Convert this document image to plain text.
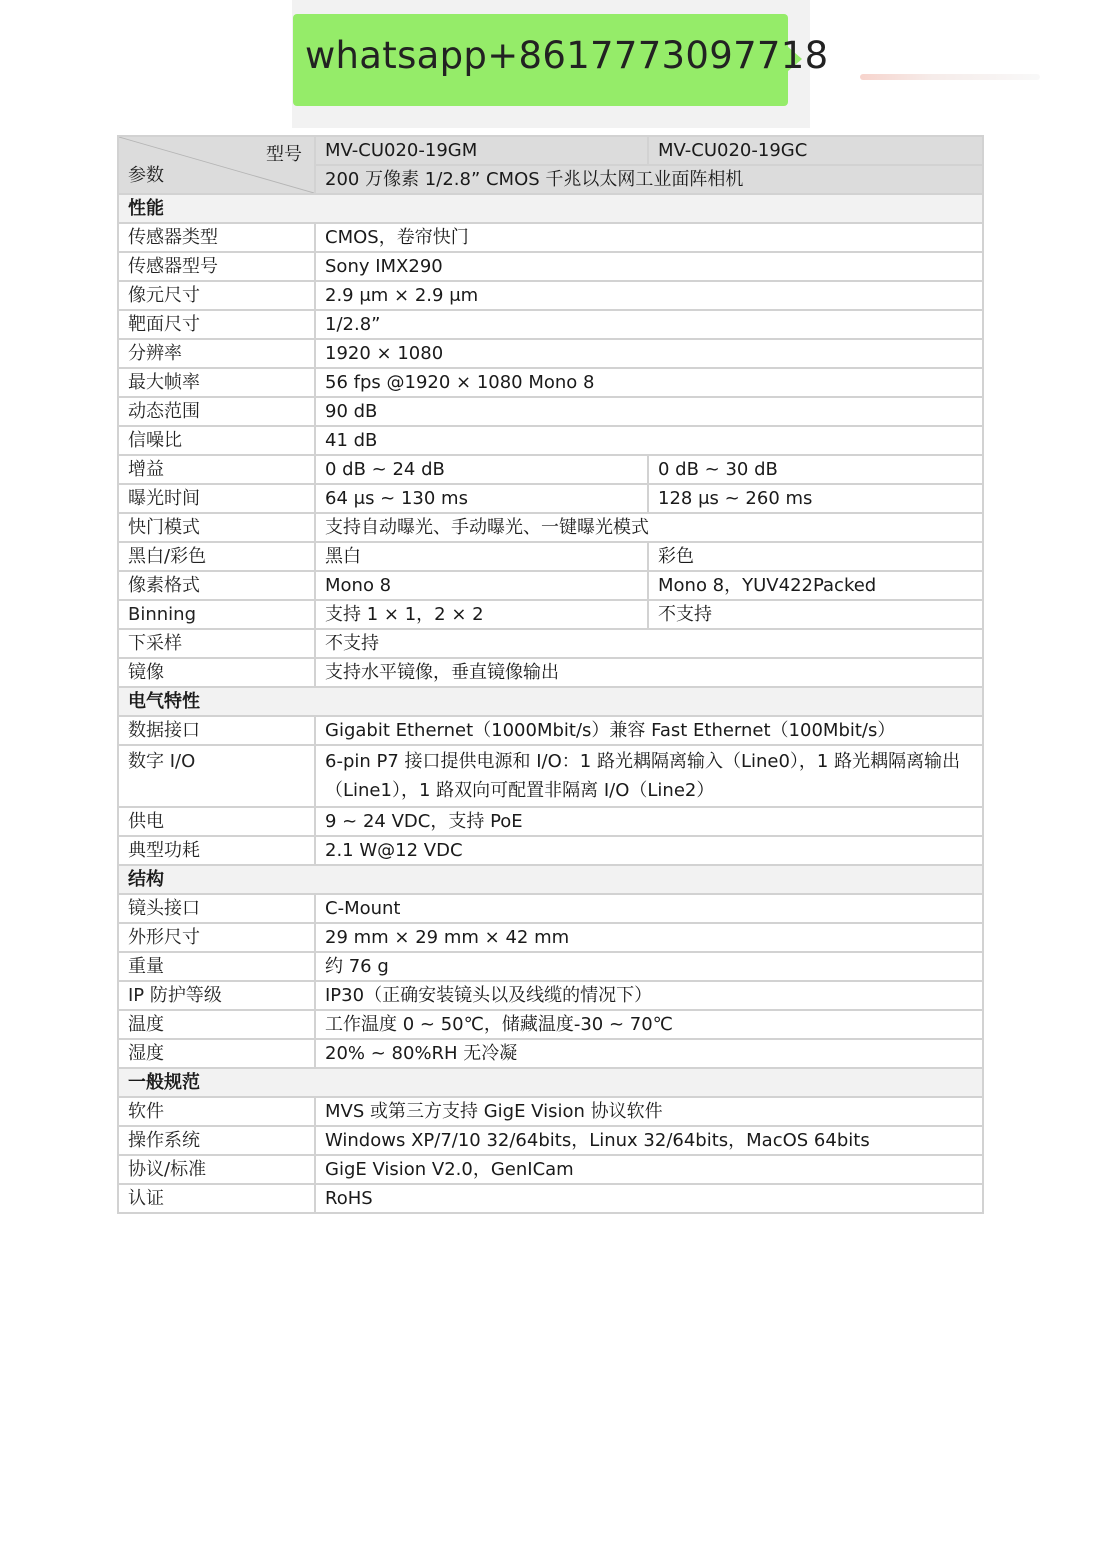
whatsapp+8617773097718
型号
参数	MV-CU020-19GM	MV-CU020-19GC
	200 万像素 1/2.8” CMOS 千兆以太网工业面阵相机	
性能		
传感器类型	CMOS，卷帘快门	
传感器型号	Sony IMX290	
像元尺寸	2.9 μm × 2.9 μm	
靶面尺寸	1/2.8”	
分辨率	1920 × 1080	
最大帧率	56 fps @1920 × 1080 Mono 8	
动态范围	90 dB	
信噪比	41 dB	
增益	0 dB ~ 24 dB	0 dB ~ 30 dB
曝光时间	64 μs ~ 130 ms	128 μs ~ 260 ms
快门模式	支持自动曝光、手动曝光、一键曝光模式	
黑白/彩色	黑白	彩色
像素格式	Mono 8	Mono 8，YUV422Packed
Binning	支持 1 × 1，2 × 2	不支持
下采样	不支持	
镜像	支持水平镜像，垂直镜像输出	
电气特性		
数据接口	Gigabit Ethernet（1000Mbit/s）兼容 Fast Ethernet（100Mbit/s）	
数字 I/O	6-pin P7 接口提供电源和 I/O：1 路光耦隔离输入（Line0），1 路光耦隔离输出（Line1），1 路双向可配置非隔离 I/O（Line2）	
供电	9 ~ 24 VDC，支持 PoE	
典型功耗	2.1 W@12 VDC	
结构		
镜头接口	C-Mount	
外形尺寸	29 mm × 29 mm × 42 mm	
重量	约 76 g	
IP 防护等级	IP30（正确安装镜头以及线缆的情况下）	
温度	工作温度 0 ~ 50℃，储藏温度-30 ~ 70℃	
湿度	20% ~ 80%RH 无冷凝	
一般规范		
软件	MVS 或第三方支持 GigE Vision 协议软件	
操作系统	Windows XP/7/10 32/64bits，Linux 32/64bits，MacOS 64bits	
协议/标准	GigE Vision V2.0，GenICam	
认证	RoHS	
